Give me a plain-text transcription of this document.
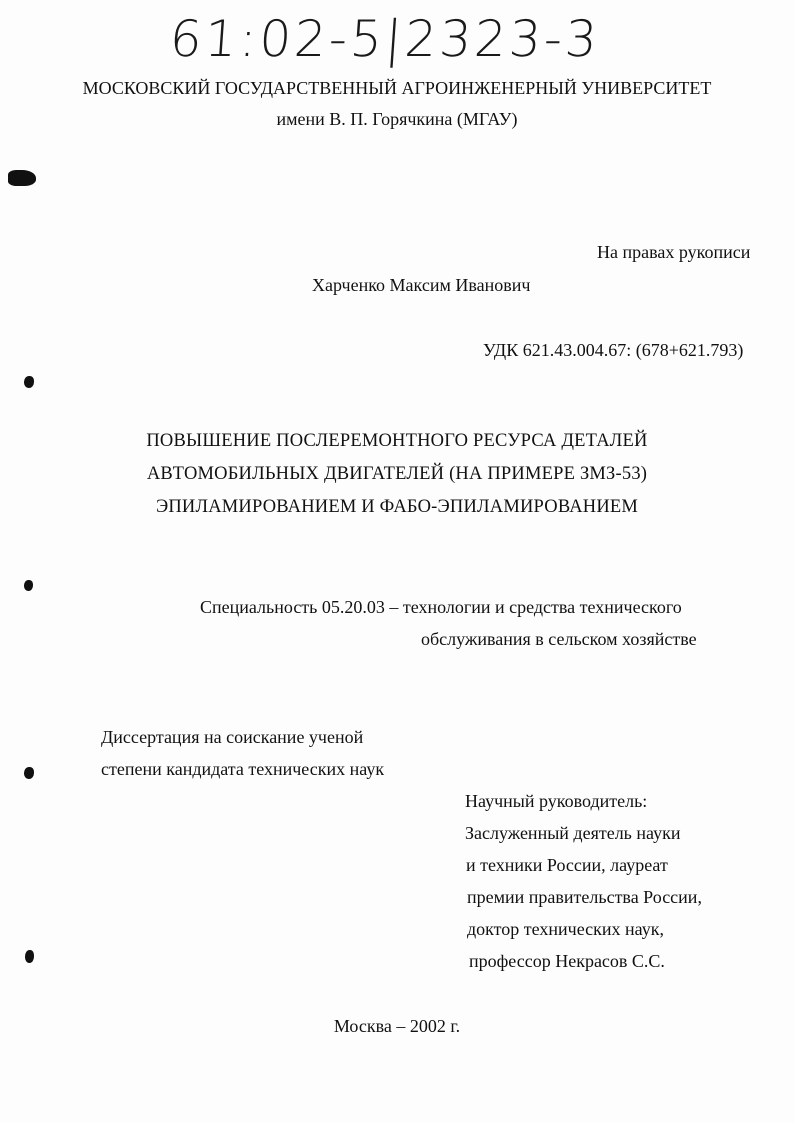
61:02-5|2323-3
МОСКОВСКИЙ ГОСУДАРСТВЕННЫЙ АГРОИНЖЕНЕРНЫЙ УНИВЕРСИТЕТ
имени В. П. Горячкина (МГАУ)
На правах рукописи
Харченко Максим Иванович
УДК 621.43.004.67: (678+621.793)
ПОВЫШЕНИЕ ПОСЛЕРЕМОНТНОГО РЕСУРСА ДЕТАЛЕЙ
АВТОМОБИЛЬНЫХ ДВИГАТЕЛЕЙ (НА ПРИМЕРЕ ЗМЗ-53)
ЭПИЛАМИРОВАНИЕМ И ФАБО-ЭПИЛАМИРОВАНИЕМ
Специальность 05.20.03 – технологии и средства технического
обслуживания в сельском хозяйстве
Диссертация на соискание ученой
степени кандидата технических наук
Научный руководитель:
Заслуженный деятель науки
и техники России, лауреат
премии правительства России,
доктор технических наук,
профессор Некрасов С.С.
Москва – 2002 г.
